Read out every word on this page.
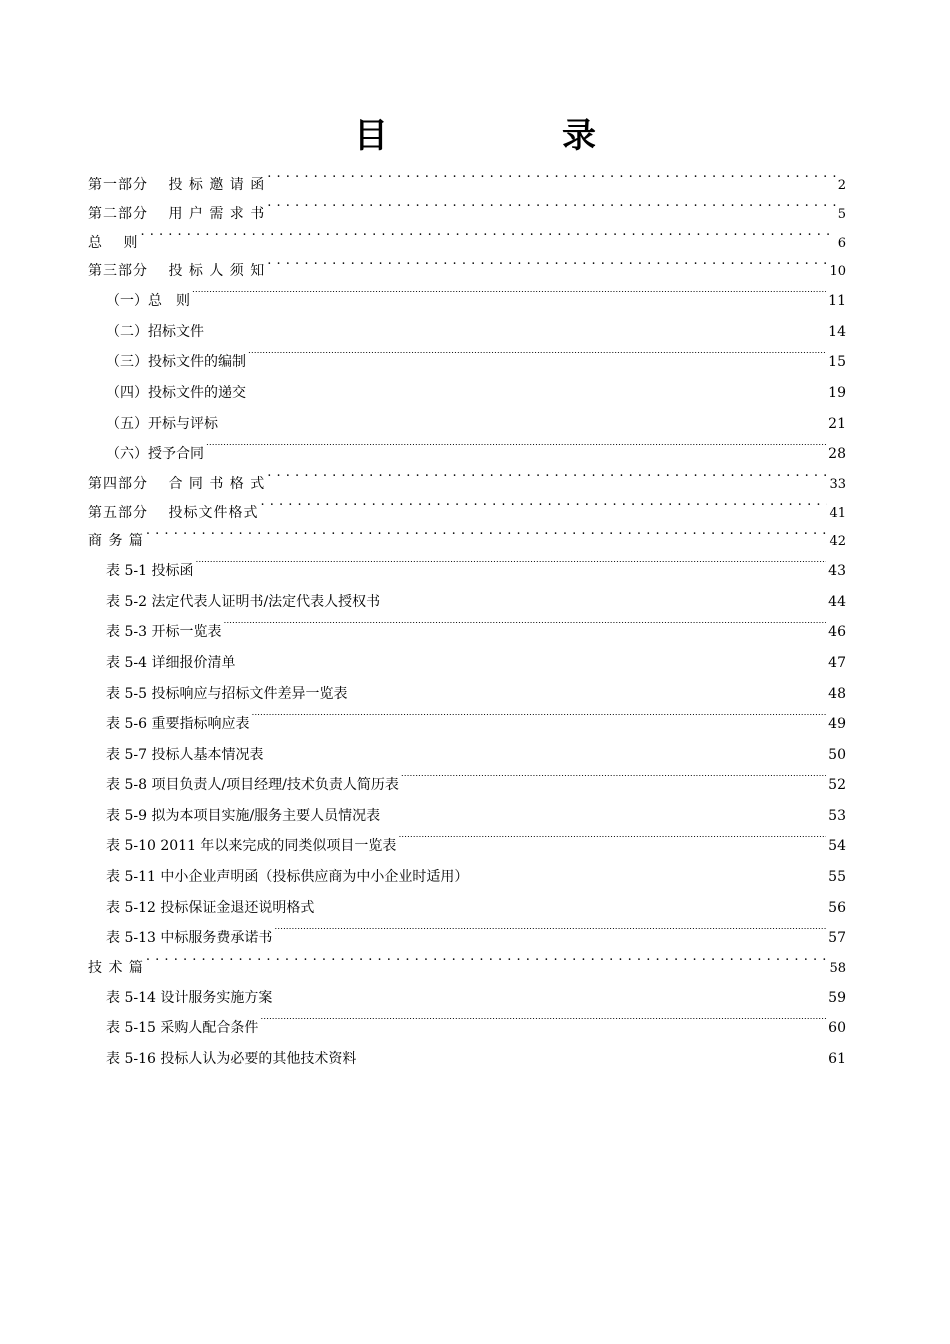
目　录
第一部分　 投 标 邀 请 函 . . .	2
第二部分　 用 户 需 求 书 . . .	5
总　 则 . . .	6
第三部分　 投 标 人 须 知 . . .	10
（一）总　则 .....	11
（二）招标文件 .....	14
（三）投标文件的编制 .....	15
（四）投标文件的递交 .....	19
（五）开标与评标 .....	21
（六）授予合同 .....	28
第四部分　 合 同 书 格 式 . . .	33
第五部分　 投标文件格式 . . .	41
商 务 篇 . . .	42
表 5-1 投标函 .....	43
表 5-2 法定代表人证明书/法定代表人授权书 .....	44
表 5-3 开标一览表 .....	46
表 5-4 详细报价清单 .....	47
表 5-5 投标响应与招标文件差异一览表 .....	48
表 5-6 重要指标响应表 .....	49
表 5-7 投标人基本情况表 .....	50
表 5-8 项目负责人/项目经理/技术负责人简历表 .....	52
表 5-9 拟为本项目实施/服务主要人员情况表 .....	53
表 5-10 2011 年以来完成的同类似项目一览表 .....	54
表 5-11 中小企业声明函（投标供应商为中小企业时适用） .....	55
表 5-12 投标保证金退还说明格式 .....	56
表 5-13 中标服务费承诺书 .....	57
技 术 篇 . . .	58
表 5-14 设计服务实施方案 .....	59
表 5-15 采购人配合条件 .....	60
表 5-16 投标人认为必要的其他技术资料 .....	61
